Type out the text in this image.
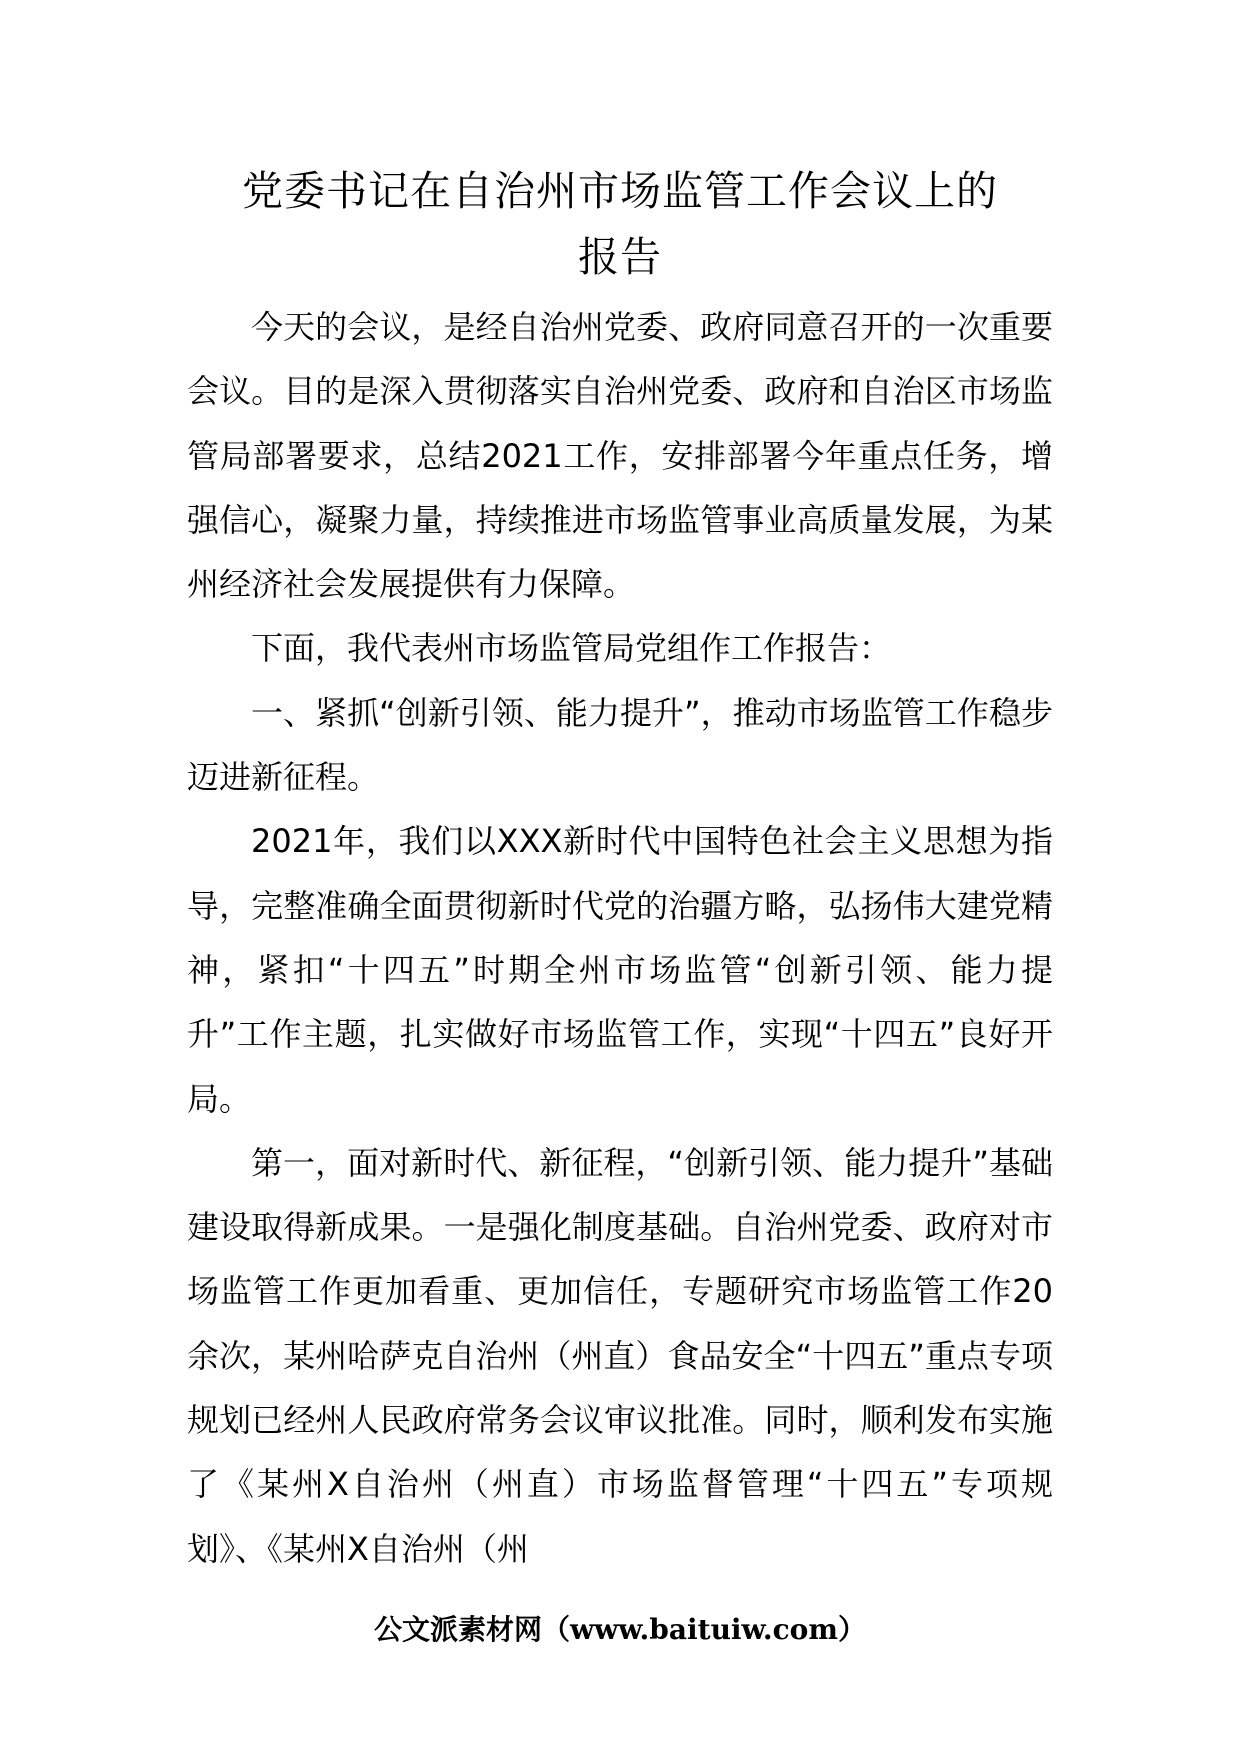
党委书记在自治州市场监管工作会议上的
报告

今天的会议，是经自治州党委、政府同意召开的一次重要会议。目的是深入贯彻落实自治州党委、政府和自治区市场监管局部署要求，总结2021工作，安排部署今年重点任务，增强信心，凝聚力量，持续推进市场监管事业高质量发展，为某州经济社会发展提供有力保障。

下面，我代表州市场监管局党组作工作报告：

一、紧抓“创新引领、能力提升”，推动市场监管工作稳步迈进新征程。

2021年，我们以XXX新时代中国特色社会主义思想为指导，完整准确全面贯彻新时代党的治疆方略，弘扬伟大建党精神，紧扣“十四五”时期全州市场监管“创新引领、能力提升”工作主题，扎实做好市场监管工作，实现“十四五”良好开局。

第一，面对新时代、新征程，“创新引领、能力提升”基础建设取得新成果。一是强化制度基础。自治州党委、政府对市场监管工作更加看重、更加信任，专题研究市场监管工作20余次，某州哈萨克自治州（州直）食品安全“十四五”重点专项规划已经州人民政府常务会议审议批准。同时，顺利发布实施了《某州X自治州（州直）市场监督管理“十四五”专项规划》、《某州X自治州（州

公文派素材网（www.baituiw.com）
